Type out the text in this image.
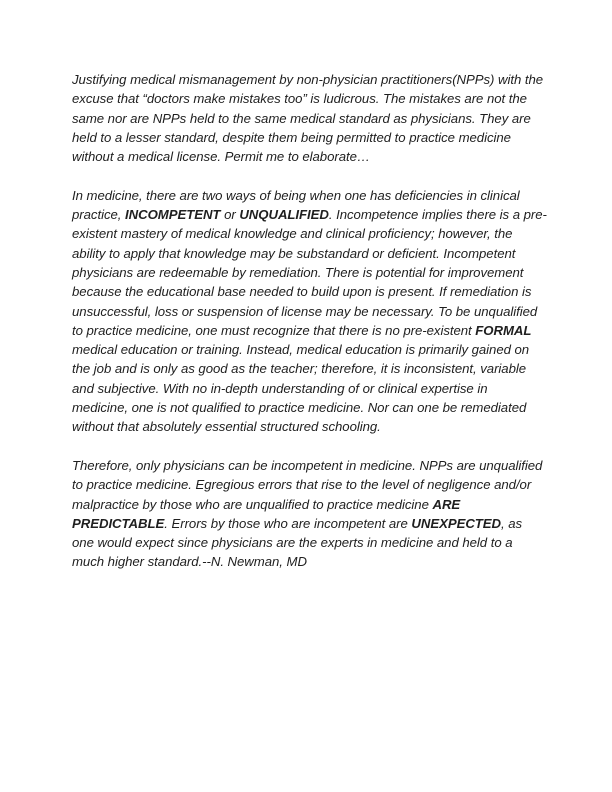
Justifying medical mismanagement by non-physician practitioners(NPPs) with the excuse that “doctors make mistakes too” is ludicrous. The mistakes are not the same nor are NPPs held to the same medical standard as physicians. They are held to a lesser standard, despite them being permitted to practice medicine without a medical license. Permit me to elaborate…

In medicine, there are two ways of being when one has deficiencies in clinical practice, INCOMPETENT or UNQUALIFIED. Incompetence implies there is a pre-existent mastery of medical knowledge and clinical proficiency; however, the ability to apply that knowledge may be substandard or deficient. Incompetent physicians are redeemable by remediation. There is potential for improvement because the educational base needed to build upon is present. If remediation is unsuccessful, loss or suspension of license may be necessary. To be unqualified to practice medicine, one must recognize that there is no pre-existent FORMAL medical education or training. Instead, medical education is primarily gained on the job and is only as good as the teacher; therefore, it is inconsistent, variable and subjective. With no in-depth understanding of or clinical expertise in medicine, one is not qualified to practice medicine. Nor can one be remediated without that absolutely essential structured schooling.

Therefore, only physicians can be incompetent in medicine. NPPs are unqualified to practice medicine. Egregious errors that rise to the level of negligence and/or malpractice by those who are unqualified to practice medicine ARE PREDICTABLE. Errors by those who are incompetent are UNEXPECTED, as one would expect since physicians are the experts in medicine and held to a much higher standard.--N. Newman, MD
